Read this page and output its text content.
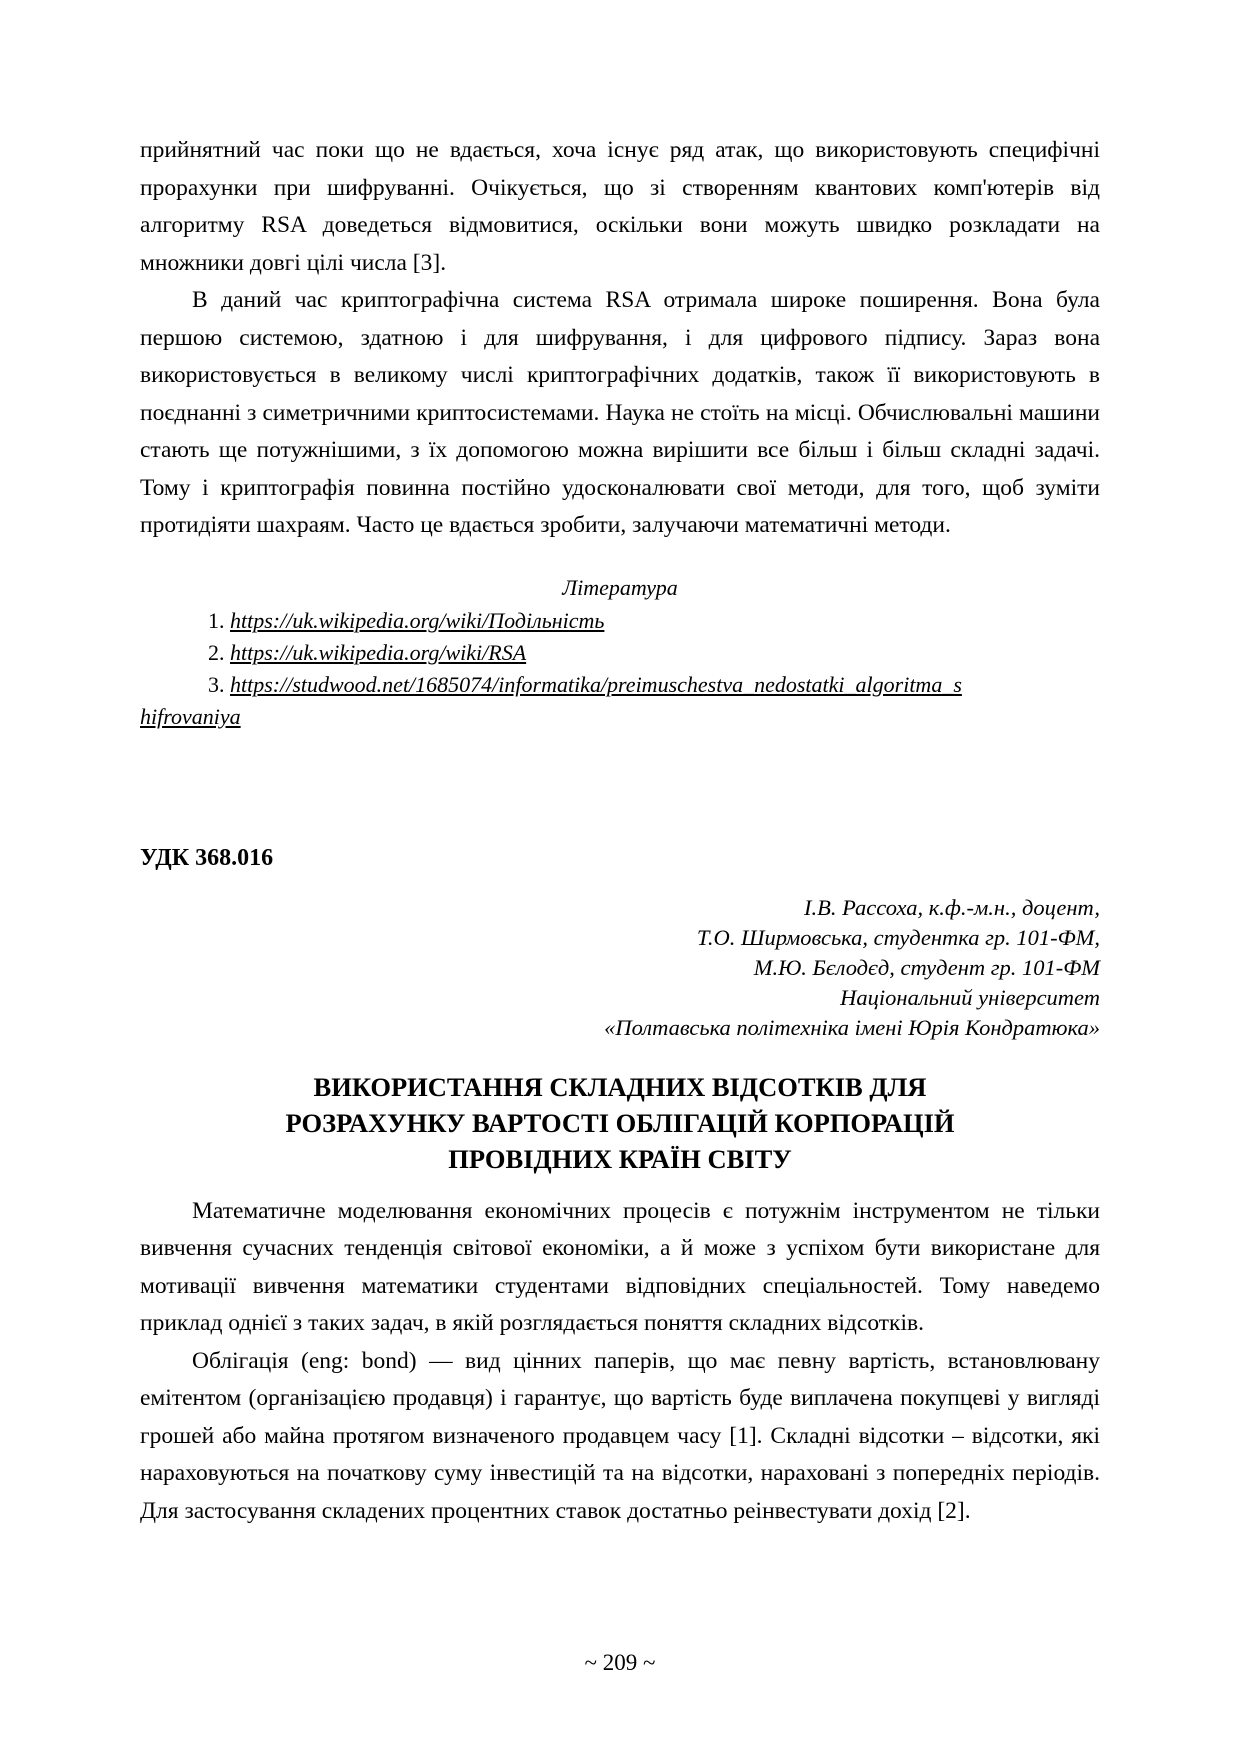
прийнятний час поки що не вдається, хоча існує ряд атак, що використовують специфічні прорахунки при шифруванні. Очікується, що зі створенням квантових комп'ютерів від алгоритму RSA доведеться відмовитися, оскільки вони можуть швидко розкладати на множники довгі цілі числа [3].

В даний час криптографічна система RSA отримала широке поширення. Вона була першою системою, здатною і для шифрування, і для цифрового підпису. Зараз вона використовується в великому числі криптографічних додатків, також її використовують в поєднанні з симетричними криптосистемами. Наука не стоїть на місці. Обчислювальні машини стають ще потужнішими, з їх допомогою можна вирішити все більш і більш складні задачі. Тому і криптографія повинна постійно удосконалювати свої методи, для того, щоб зуміти протидіяти шахраям. Часто це вдається зробити, залучаючи математичні методи.

Література
1. https://uk.wikipedia.org/wiki/Подільність
2. https://uk.wikipedia.org/wiki/RSA
3. https://studwood.net/1685074/informatika/preimuschestva_nedostatki_algoritma_s
hifrovaniya
УДК 368.016
І.В. Рассоха, к.ф.-м.н., доцент,
Т.О. Ширмовська, студентка гр. 101-ФМ,
М.Ю. Бєлодєд, студент гр. 101-ФМ
Національний університет
«Полтавська політехніка імені Юрія Кондратюка»
ВИКОРИСТАННЯ СКЛАДНИХ ВІДСОТКІВ ДЛЯ
РОЗРАХУНКУ ВАРТОСТІ ОБЛІГАЦІЙ КОРПОРАЦІЙ
ПРОВІДНИХ КРАЇН СВІТУ

Математичне моделювання економічних процесів є потужнім інструментом не тільки вивчення сучасних тенденція світової економіки, а й може з успіхом бути використане для мотивації вивчення математики студентами відповідних спеціальностей. Тому наведемо приклад однієї з таких задач, в якій розглядається поняття складних відсотків.

Облігація (eng: bond) — вид цінних паперів, що має певну вартість, встановлювану емітентом (організацією продавця) і гарантує, що вартість буде виплачена покупцеві у вигляді грошей або майна протягом визначеного продавцем часу [1]. Складні відсотки – відсотки, які нараховуються на початкову суму інвестицій та на відсотки, нараховані з попередніх періодів. Для застосування складених процентних ставок достатньо реінвестувати дохід [2].

~ 209 ~
